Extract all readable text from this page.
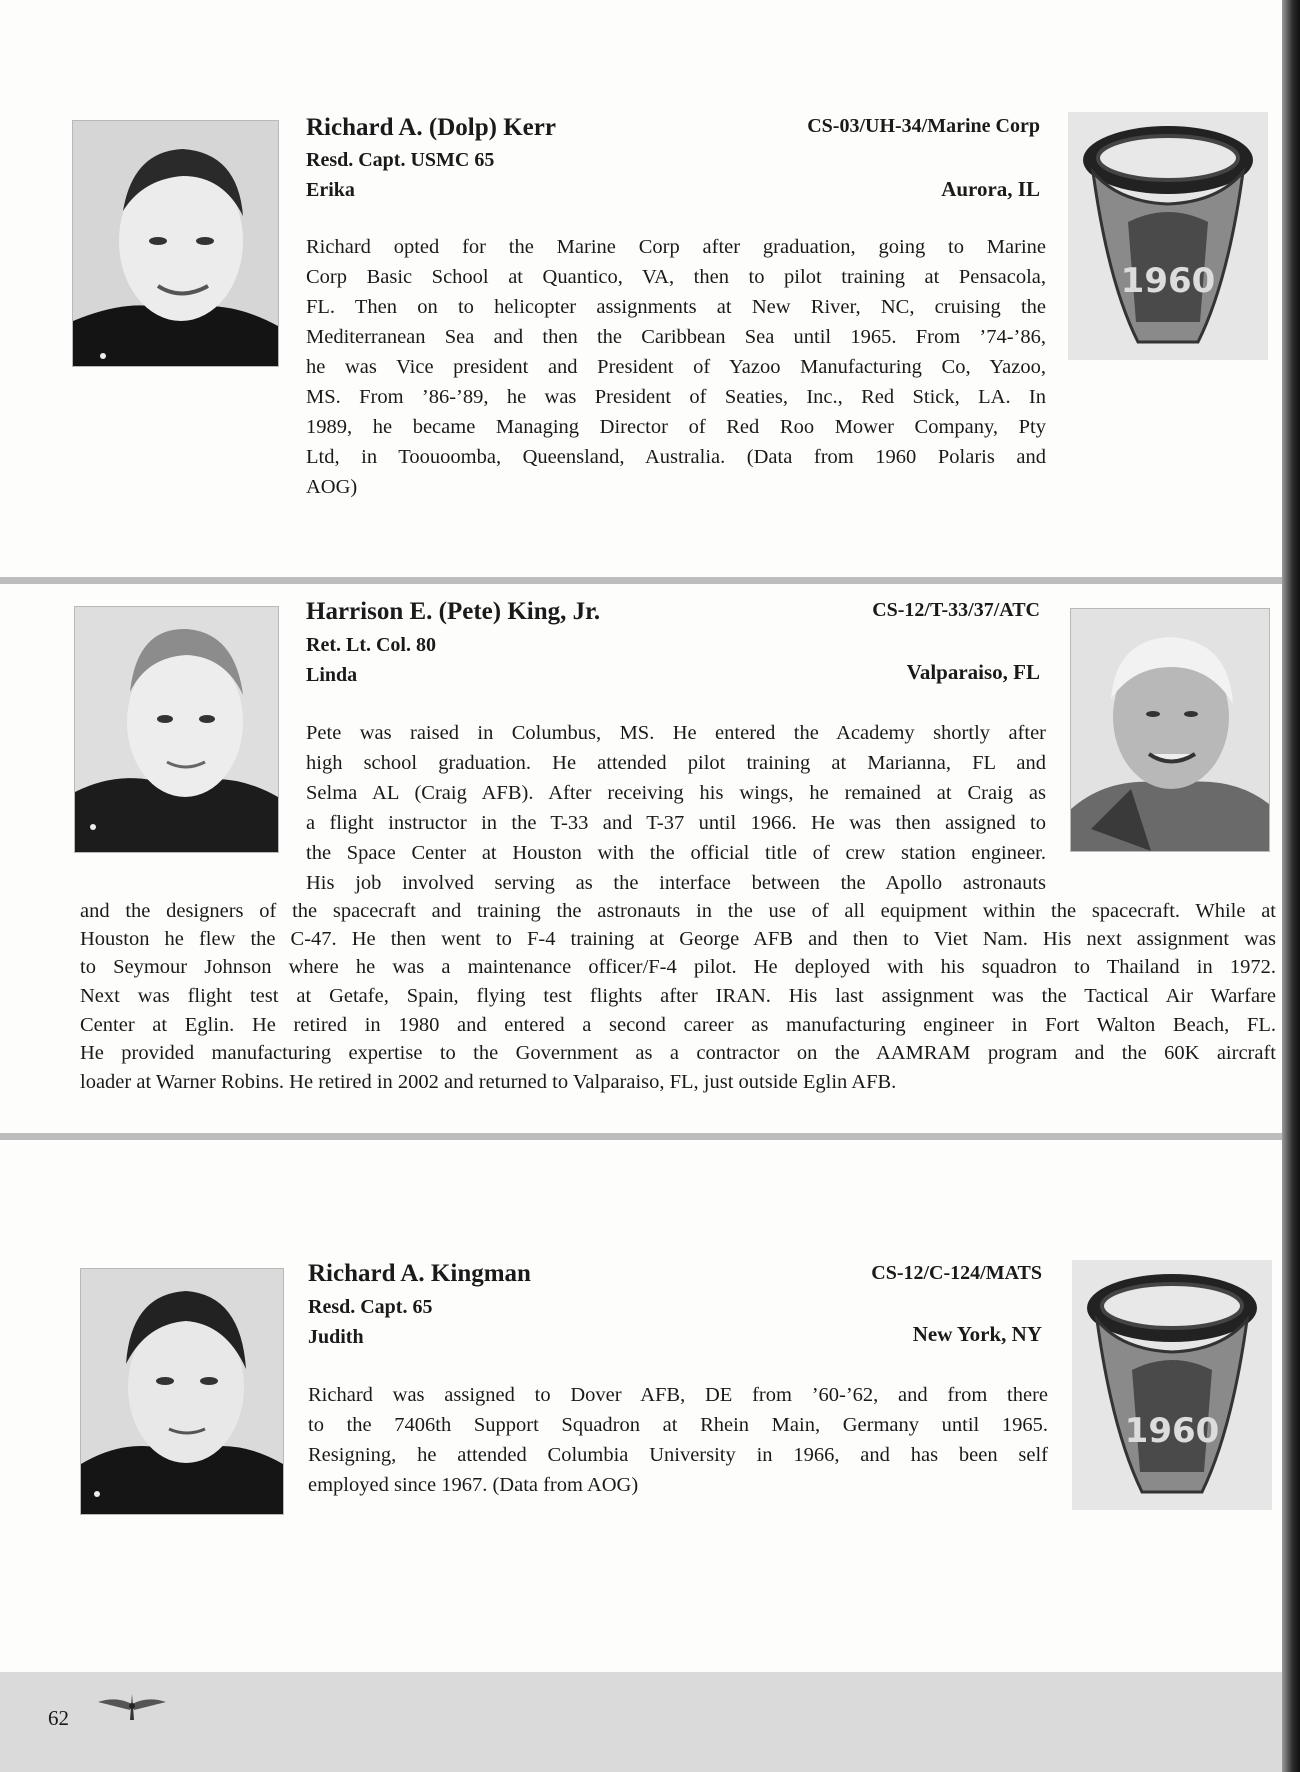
Richard A. (Dolp) Kerr
Resd. Capt. USMC 65
Erika
CS-03/UH-34/Marine Corp
Aurora, IL
Richard opted for the Marine Corp after graduation, going to Marine
Corp Basic School at Quantico, VA, then to pilot training at Pensacola,
FL. Then on to helicopter assignments at New River, NC, cruising the
Mediterranean Sea and then the Caribbean Sea until 1965. From ’74-’86,
he was Vice president and President of Yazoo Manufacturing Co, Yazoo,
MS. From ’86-’89, he was President of Seaties, Inc., Red Stick, LA. In
1989, he became Managing Director of Red Roo Mower Company, Pty
Ltd, in Toouoomba, Queensland, Australia. (Data from 1960 Polaris and
AOG)
1960
Harrison E. (Pete) King, Jr.
Ret. Lt. Col. 80
Linda
CS-12/T-33/37/ATC
Valparaiso, FL
Pete was raised in Columbus, MS. He entered the Academy shortly after
high school graduation. He attended pilot training at Marianna, FL and
Selma AL (Craig AFB). After receiving his wings, he remained at Craig as
a flight instructor in the T-33 and T-37 until 1966. He was then assigned to
the Space Center at Houston with the official title of crew station engineer.
His job involved serving as the interface between the Apollo astronauts
and the designers of the spacecraft and training the astronauts in the use of all equipment within the spacecraft. While at
Houston he flew the C-47. He then went to F-4 training at George AFB and then to Viet Nam. His next assignment was
to Seymour Johnson where he was a maintenance officer/F-4 pilot. He deployed with his squadron to Thailand in 1972.
Next was flight test at Getafe, Spain, flying test flights after IRAN. His last assignment was the Tactical Air Warfare
Center at Eglin. He retired in 1980 and entered a second career as manufacturing engineer in Fort Walton Beach, FL.
He provided manufacturing expertise to the Government as a contractor on the AAMRAM program and the 60K aircraft
loader at Warner Robins. He retired in 2002 and returned to Valparaiso, FL, just outside Eglin AFB.
Richard A. Kingman
Resd. Capt. 65
Judith
CS-12/C-124/MATS
New York, NY
Richard was assigned to Dover AFB, DE from ’60-’62, and from there
to the 7406th Support Squadron at Rhein Main, Germany until 1965.
Resigning, he attended Columbia University in 1966, and has been self
employed since 1967. (Data from AOG)
1960
62
